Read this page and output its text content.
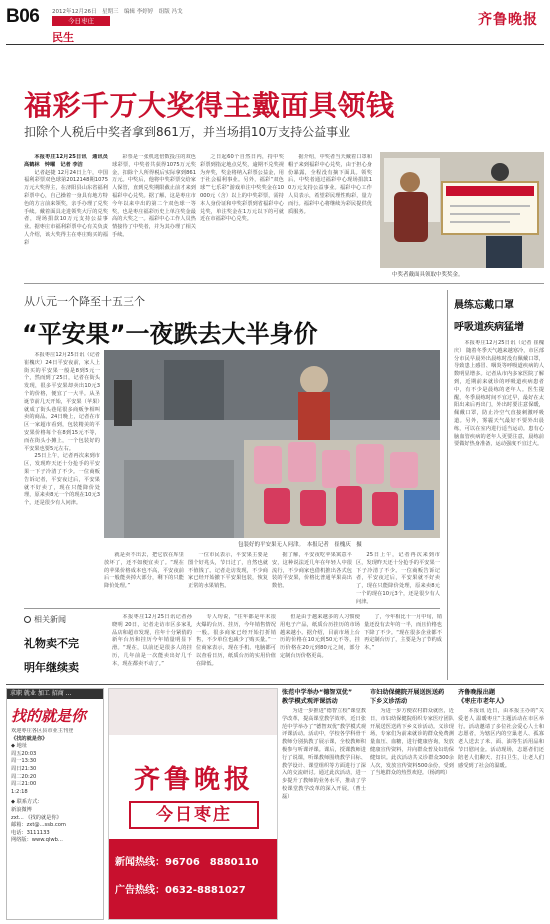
B06 2012年12月26日　星期三　编辑 李婷婷　组版 冯戈
今日枣庄
民生
齐鲁晚报
福彩千万大奖得主戴面具领钱
扣除个人税后中奖者拿到861万，并当场捐10万支持公益事业

本报枣庄12月25日讯　通讯员 高鹤林　钟曜　记者 李洁

记者赵捷 12月24日上午，中国福利彩票双色球第2012148期1075万元大奖得主，在济阳县山东省福利彩票中心，自己操着一身具有地方特色的方言前来领奖，亲手办理了兑奖手续。戴着面具走进领奖大厅的兑奖者，现场捐款10万元支持公益事业。据枣庄市福利彩票中心有关负责人介绍，该大奖得主在枣庄购买的福彩

彩票是一张机选倍数投注的双色球彩票，中奖者共获得1075万元奖金，扣除个人所得税后实际拿到861万元。中奖后，他将中奖彩票交给家人保管，直到兑奖期限截止前才来到福彩中心兑奖。据了解，这是枣庄市今年以来中出的第二个双色球一等奖，也是枣庄福彩历史上单注奖金最高的大奖之一。福彩中心工作人员热情接待了中奖者，并为其办理了相关手续。

之日起60个自然日内，持中奖彩票到指定地点兑奖，逾期不兑奖视为弃奖，奖金将纳入彩票公益金，用于社会福利事业。另外，福彩“双色球”“七乐彩”游戏单注中奖奖金在10000元（含）以上的中奖彩票，需持本人身份证和中奖彩票到省福彩中心兑奖，单注奖金在1万元以下的可就近在市福彩中心兑奖。

据介绍，中奖者当天戴着口罩和帽子来到福彩中心兑奖，由于担心身份暴露，全程没有摘下面具。领奖后，中奖者通过福彩中心现场捐款10万元支持公益事业。福彩中心工作人员表示，希望彩民理性购彩，量力而行。福彩中心将继续为彩民提供优质服务。

中奖者戴面具领取中奖奖金。
从八元一个降至十五三个
“平安果”一夜跌去大半身价

本报枣庄12月25日讯（记者 崔槐庆）24日平安夜前，家人上街买的平安果一般是8到5元一个，然而到了25日，记者在街头发现，很多平安果却卖出10元3个的价格，便宜了一大半。从圣诞节前几天开始，平安果（苹果）就成了街头巷尾很多商贩争相叫卖的商品。24日晚上，记者在市区一家超市看到，包装精美的平安果价格每个在8到15元不等，而在街头小摊上，一个包装好的平安果也要5元左右。

25日上午，记者再次来到市区，发现昨天还十分抢手的平安果一下子冷清了不少。一位商贩告诉记者，平安夜过后，平安果就不好卖了，现在只能降价处理，原来卖8元一个的现在10元3个，还是很少有人问津。

包装好的平安果无人问津。　本报记者　崔槐庆　摄

就是卖不出去，把它放在库里放坏了，还不如便宜卖了。“现在的苹果价格成本也不高，平安夜前后一般能卖掉大部分，剩下的只能降价处理。”

一位市民表示，平安果主要是图个好兆头，节日过了，自然也就不值钱了。记者走访发现，不少商家已经开始撤下平安果包装，恢复正常的水果销售。

据了解，平安夜吃苹果寓意平安，这种说法近几年在年轻人中很流行，不少商家也借机推出各式包装的平安果，价格比普通苹果高出数倍。

25日上午，记者再次来到市区，发现昨天还十分抢手的平安果一下子冷清了不少。一位商贩告诉记者，平安夜过后，平安果就不好卖了，现在只能降价处理，原来卖8元一个的现在10元3个，还是很少有人问津。

晨练忘戴口罩
呼吸道疾病猛增

本报枣庄12月25日讯（记者 崔槐庆） 随着冬季天气越来越寒冷，市区部分市民早晨外出晨练时没有佩戴口罩，导致患上感冒、咽炎等呼吸道疾病的人数明显增多。记者从市内多家医院了解到，近期前来就诊的呼吸道疾病患者中，有不少是晨练的老年人。医生提醒，冬季晨练时间不宜过早，最好在太阳出来后再出门，外出时要注意保暖，佩戴口罩，防止冷空气直接刺激呼吸道。另外，雾霾天气最好不要外出晨练，可以在室内进行适当运动。患有心脑血管疾病的老年人更要注意，晨练前要做好热身准备，运动强度不宜过大。

相关新闻
礼物卖不完
明年继续卖

本报枣庄12月25日讯记者孙晓明 ​20日，记者走访市区多家礼品店和超市发现，往年十分紧俏的新年台历和挂历今年销量明显下滑。“现在，以前还是很多人的挂历，几年前是一次能卖出好几千本，现在都卖不动了。”

专人均说，“往年都是年末很火爆的台历、挂历，今年销售情况一般。很多商家已经开始打折销售，不少单位也减少了购买量。”一位商家表示，现在手机、电脑都可以查看日历，纸质台历的实用价值在降低。

但是由于越来越多的人习惯使用电子产品，纸质台历挂历的市场越来越小。据介绍，目前市场上台历的价格在10元到50元不等，挂历价格在20元到80元之间，部分定制台历价格更高。

了，今年相比十一月中旬，销量还没有去年的一半，而且价格也下降了不少。“现在很多企业都不再定制台历了，主要是为了节约成本。”

求职 就业 加工 招商 ...
找的就是你
欢迎枣庄各区县市业主刊登
《找的就是你》
◆ 地址
周五20:03
周一13:30
周日21:30
周二20:20
周三21:00
1:2:18
◆ 联系方式：
新浪微博
zxt... 《找的就是你》
邮箱：zxt@...ssb.com
电话：3111133
网络版：www.qlwb...
齐鲁晚报
今日枣庄
新闻热线：96706　8880110
广告热线：0632-8881027
张范中学举办“德智双优”
教学模式观评课活动

为进一步推进“德智立校”课堂教学改革，提高课堂教学效率，近日张范中学举办了“德智双优”教学模式观评课活动。活动中，学校各学科骨干教师分别执教了展示课，全校教师积极参与听课评课。课后，授课教师进行了说课，听课教师围绕教学目标、教学设计、课堂组织等方面进行了深入的交流研讨。通过此次活动，进一步提升了教师的业务水平，推动了学校课堂教学改革的深入开展。（曹士磊）

市妇幼保健院开展送医送药
下乡义诊活动

为进一步方便农村群众就医，近日，市妇幼保健院组织专家医疗团队开展送医送药下乡义诊活动。义诊现场，专家们为前来就诊的群众免费测量血压、血糖，进行健康咨询，发放健康宣传资料，并向群众普及妇幼保健知识。此次活动共义诊群众300余人次，发放宣传资料500余份，受到了当地群众的热烈欢迎。（杨鸿鸣）

齐鲁晚报出题
《枣庄市老年人》

本报讯 近日，由本报主办的“关爱老人 温暖枣庄”主题活动在市区举行。活动邀请了多位社会爱心人士和志愿者，为辖区内的空巢老人、孤寡老人送去了米、面、油等生活用品和节日慰问金。活动现场，志愿者们还陪老人们聊天、打扫卫生，让老人们感受到了社会的温暖。
